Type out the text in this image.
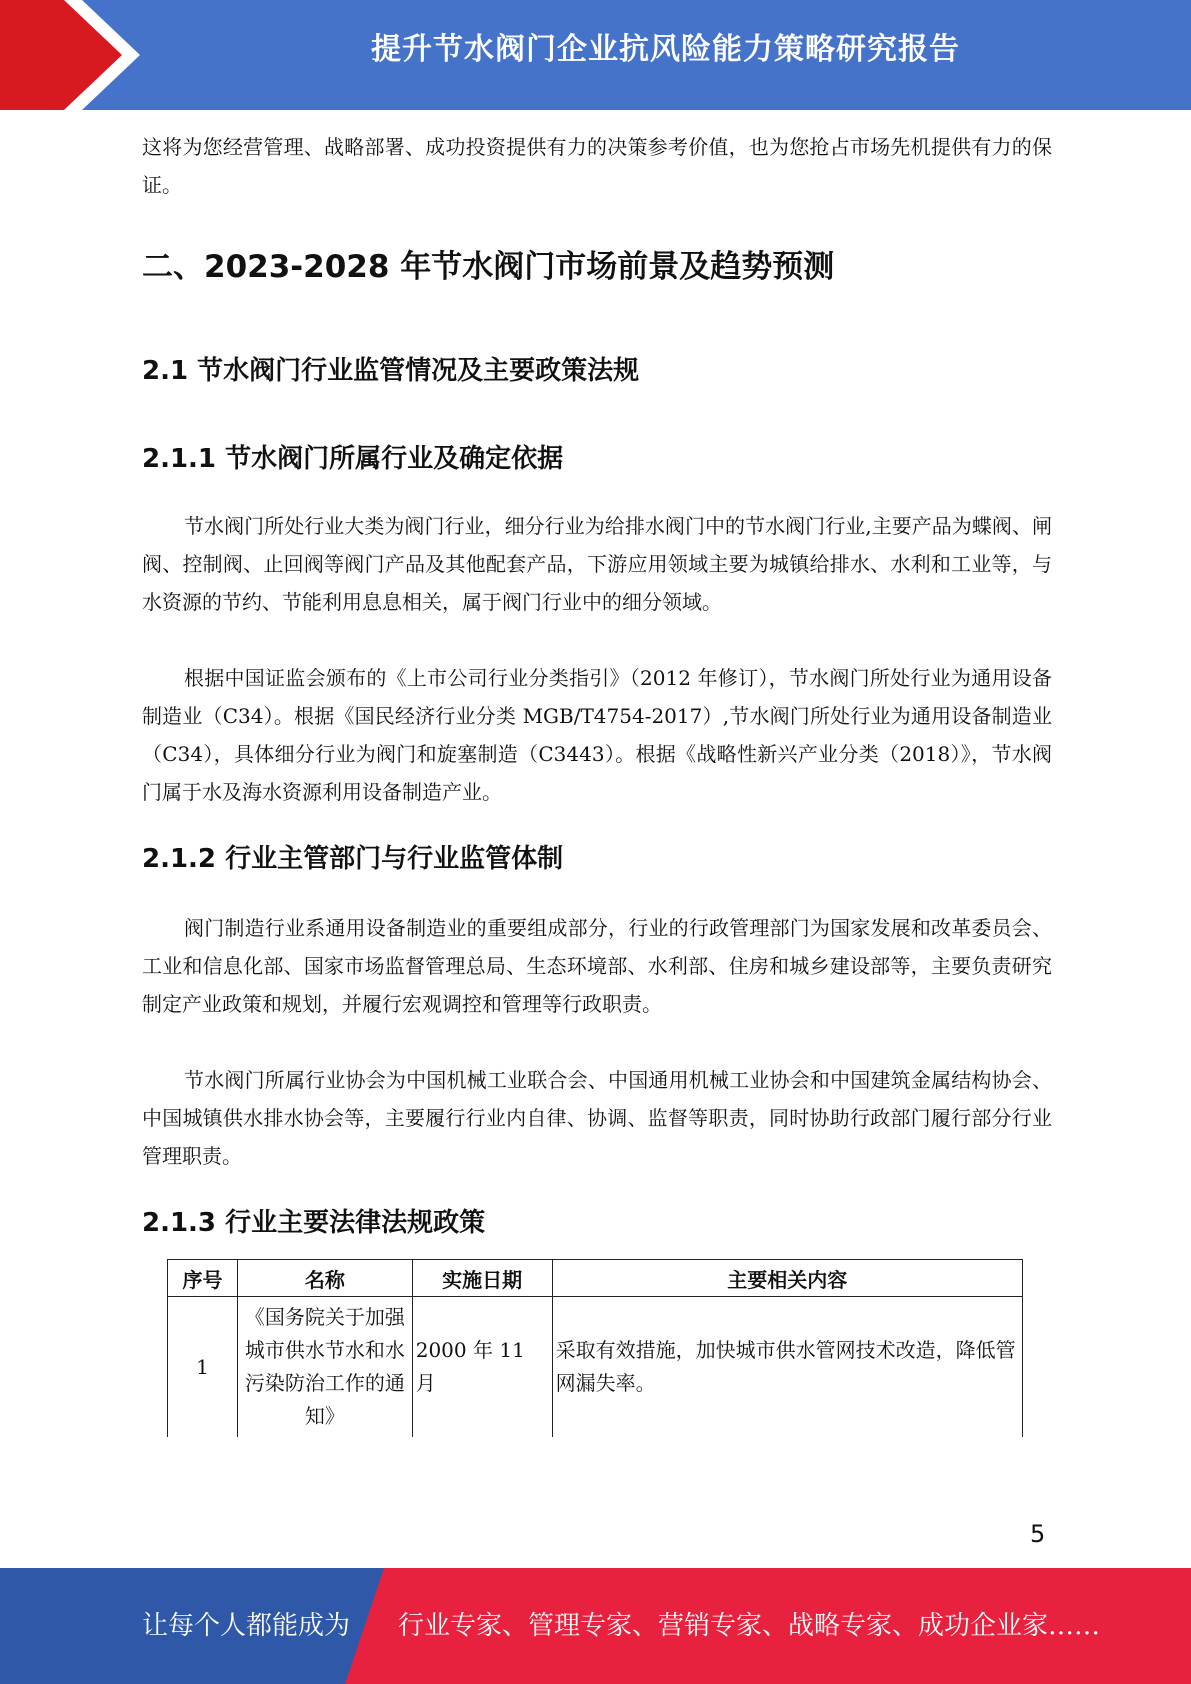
提升节水阀门企业抗风险能力策略研究报告

这将为您经营管理、战略部署、成功投资提供有力的决策参考价值，也为您抢占市场先机提供有力的保证。

二、2023-2028 年节水阀门市场前景及趋势预测
2.1 节水阀门行业监管情况及主要政策法规
2.1.1 节水阀门所属行业及确定依据

节水阀门所处行业大类为阀门行业，细分行业为给排水阀门中的节水阀门行业,主要产品为蝶阀、闸阀、控制阀、止回阀等阀门产品及其他配套产品，下游应用领域主要为城镇给排水、水利和工业等，与水资源的节约、节能利用息息相关，属于阀门行业中的细分领域。

根据中国证监会颁布的《上市公司行业分类指引》（2012 年修订），节水阀门所处行业为通用设备制造业（C34）。根据《国民经济行业分类 MGB/T4754-2017）,节水阀门所处行业为通用设备制造业（C34），具体细分行业为阀门和旋塞制造（C3443）。根据《战略性新兴产业分类（2018）》，节水阀门属于水及海水资源利用设备制造产业。

2.1.2 行业主管部门与行业监管体制

阀门制造行业系通用设备制造业的重要组成部分，行业的行政管理部门为国家发展和改革委员会、工业和信息化部、国家市场监督管理总局、生态环境部、水利部、住房和城乡建设部等，主要负责研究制定产业政策和规划，并履行宏观调控和管理等行政职责。

节水阀门所属行业协会为中国机械工业联合会、中国通用机械工业协会和中国建筑金属结构协会、中国城镇供水排水协会等，主要履行行业内自律、协调、监督等职责，同时协助行政部门履行部分行业管理职责。

2.1.3 行业主要法律法规政策
序号	名称	实施日期	主要相关内容
1	《国务院关于加强城市供水节水和水污染防治工作的通知》	2000 年 11 月	采取有效措施，加快城市供水管网技术改造，降低管网漏失率。
5
让每个人都能成为 行业专家、管理专家、营销专家、战略专家、成功企业家……
